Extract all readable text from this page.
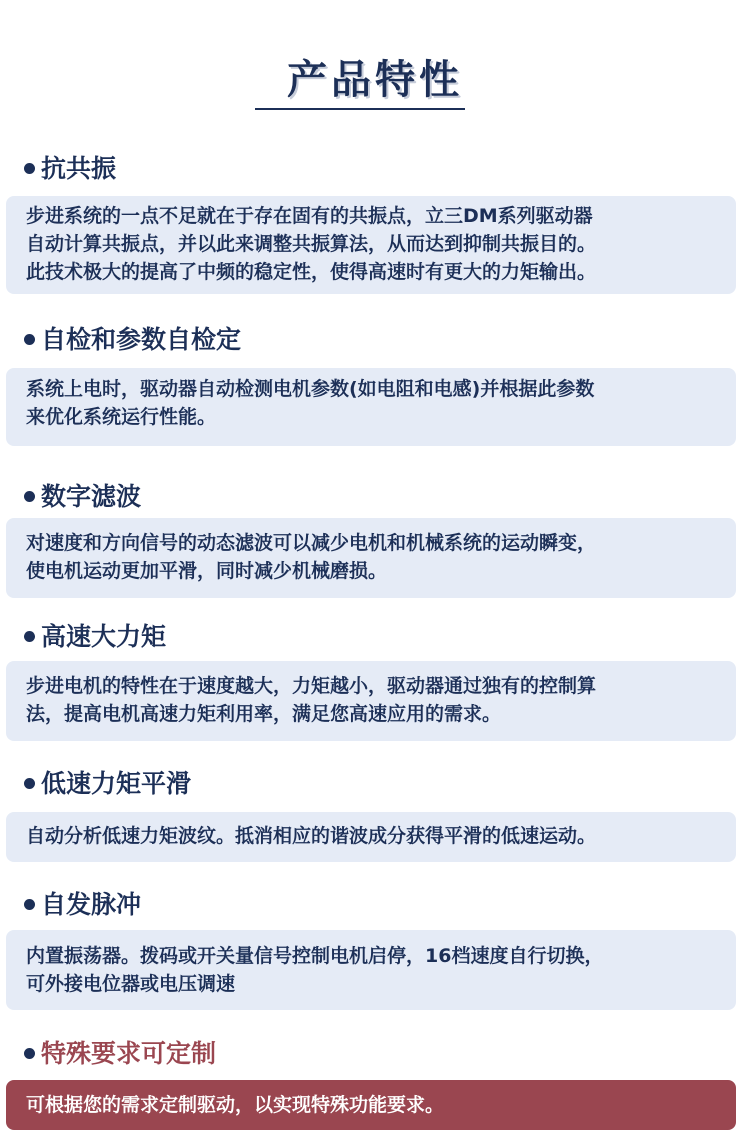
产品特性
抗共振
步进系统的一点不足就在于存在固有的共振点，立三DM系列驱动器
自动计算共振点，并以此来调整共振算法，从而达到抑制共振目的。
此技术极大的提高了中频的稳定性，使得高速时有更大的力矩输出。
自检和参数自检定
系统上电时，驱动器自动检测电机参数(如电阻和电感)并根据此参数
来优化系统运行性能。
数字滤波
对速度和方向信号的动态滤波可以减少电机和机械系统的运动瞬变，
使电机运动更加平滑，同时减少机械磨损。
高速大力矩
步进电机的特性在于速度越大，力矩越小，驱动器通过独有的控制算
法，提高电机高速力矩利用率，满足您高速应用的需求。
低速力矩平滑
自动分析低速力矩波纹。抵消相应的谐波成分获得平滑的低速运动。
自发脉冲
内置振荡器。拨码或开关量信号控制电机启停，16档速度自行切换，
可外接电位器或电压调速
特殊要求可定制
可根据您的需求定制驱动，以实现特殊功能要求。
